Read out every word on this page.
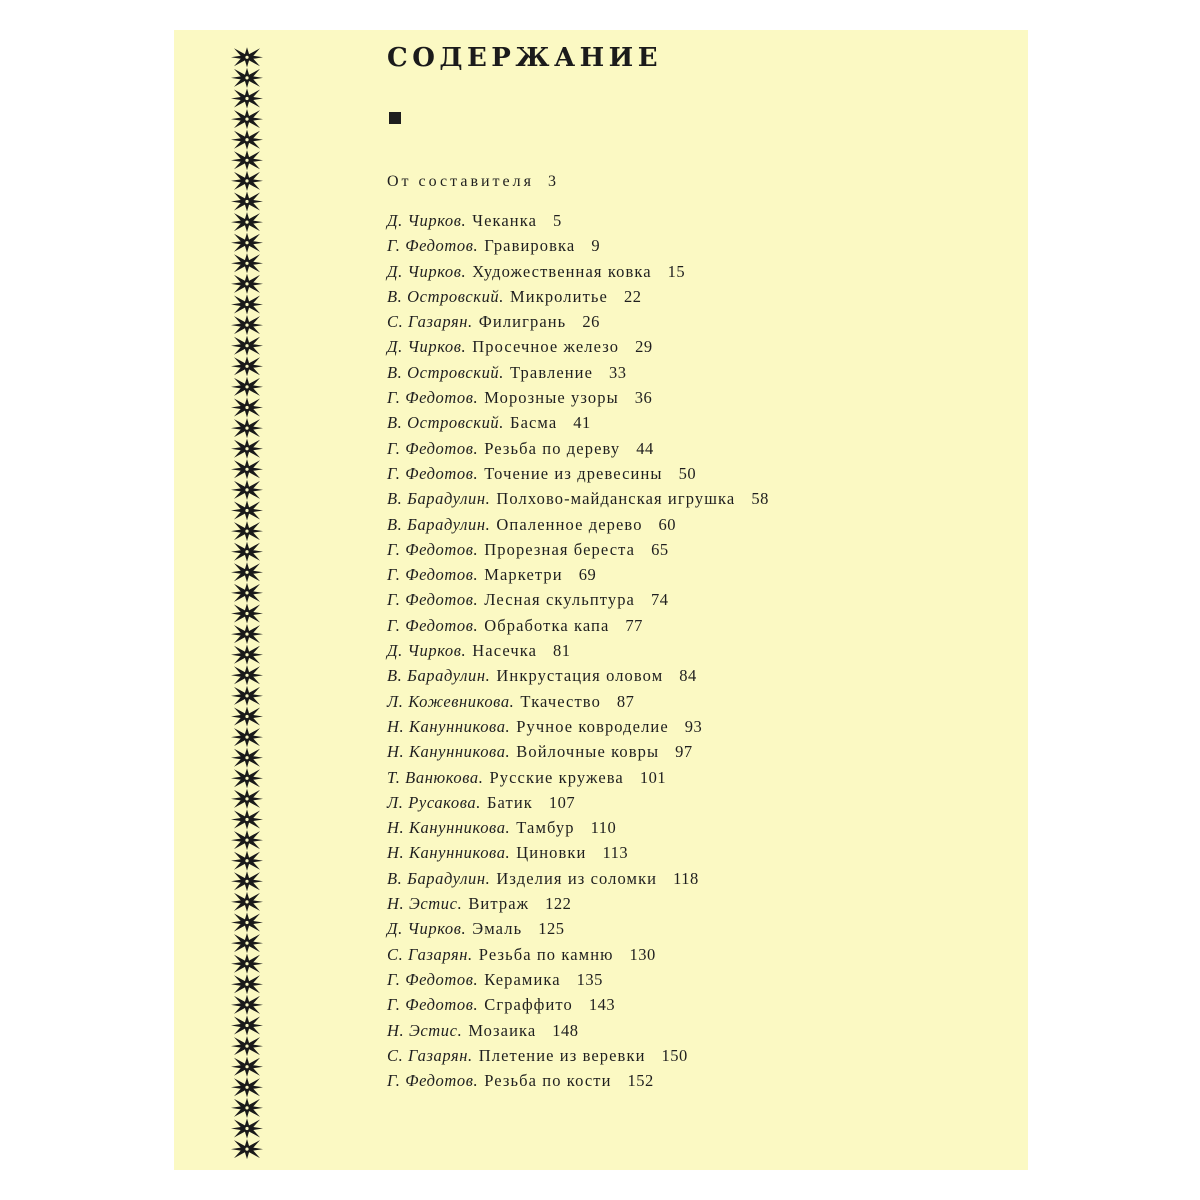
СОДЕРЖАНИЕ
От составителя 3
Д. Чирков. Чеканка 5
Г. Федотов. Гравировка 9
Д. Чирков. Художественная ковка 15
В. Островский. Микролитье 22
С. Газарян. Филигрань 26
Д. Чирков. Просечное железо 29
В. Островский. Травление 33
Г. Федотов. Морозные узоры 36
В. Островский. Басма 41
Г. Федотов. Резьба по дереву 44
Г. Федотов. Точение из древесины 50
В. Барадулин. Полхово-майданская игрушка 58
В. Барадулин. Опаленное дерево 60
Г. Федотов. Прорезная береста 65
Г. Федотов. Маркетри 69
Г. Федотов. Лесная скульптура 74
Г. Федотов. Обработка капа 77
Д. Чирков. Насечка 81
В. Барадулин. Инкрустация оловом 84
Л. Кожевникова. Ткачество 87
Н. Канунникова. Ручное ковроделие 93
Н. Канунникова. Войлочные ковры 97
Т. Ванюкова. Русские кружева 101
Л. Русакова. Батик 107
Н. Канунникова. Тамбур 110
Н. Канунникова. Циновки 113
В. Барадулин. Изделия из соломки 118
Н. Эстис. Витраж 122
Д. Чирков. Эмаль 125
С. Газарян. Резьба по камню 130
Г. Федотов. Керамика 135
Г. Федотов. Сграффито 143
Н. Эстис. Мозаика 148
С. Газарян. Плетение из веревки 150
Г. Федотов. Резьба по кости 152
